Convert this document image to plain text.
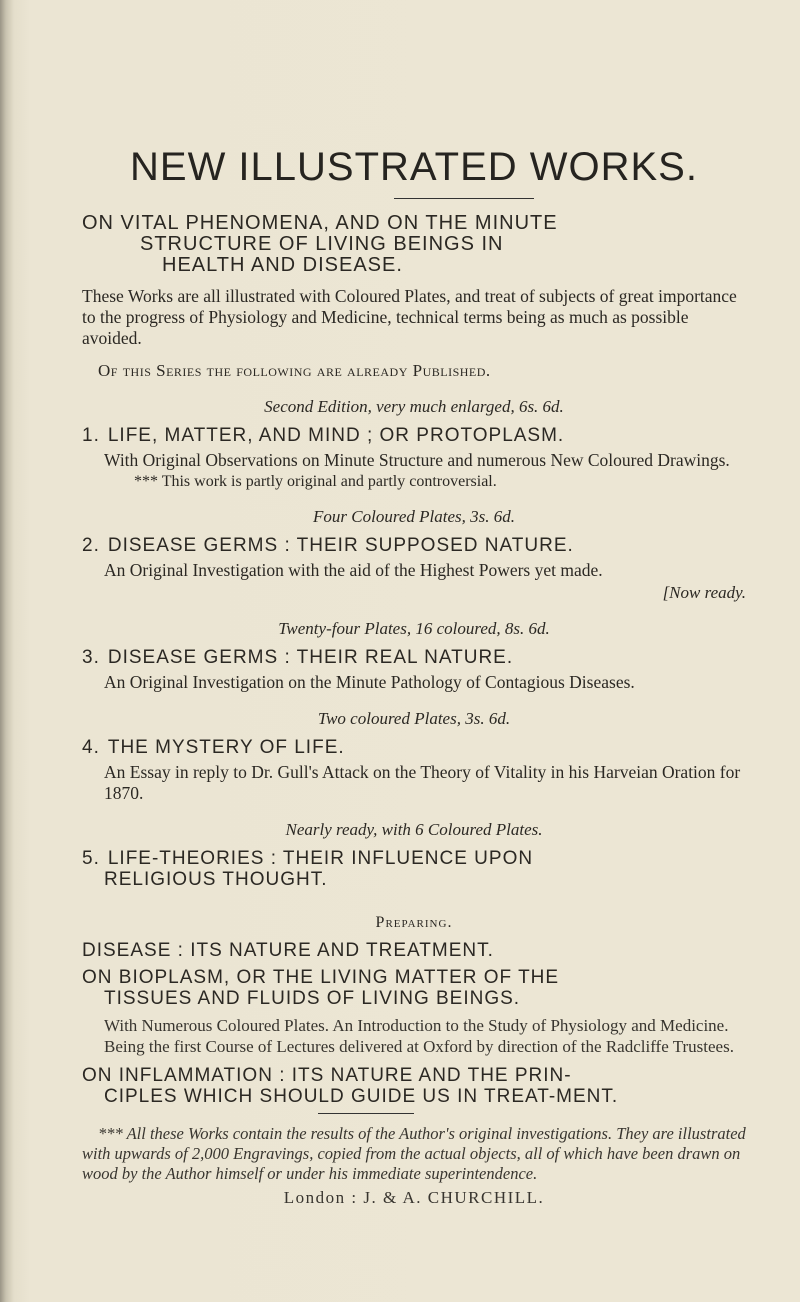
NEW ILLUSTRATED WORKS.
ON VITAL PHENOMENA, AND ON THE MINUTE
STRUCTURE OF LIVING BEINGS IN
HEALTH AND DISEASE.

These Works are all illustrated with Coloured Plates, and treat of subjects of great importance to the progress of Physiology and Medicine, technical terms being as much as possible avoided.

Of this Series the following are already Published.

Second Edition, very much enlarged, 6s. 6d.
1. LIFE, MATTER, AND MIND ; OR PROTOPLASM.

With Original Observations on Minute Structure and numerous New Coloured Drawings.

*** This work is partly original and partly controversial.

Four Coloured Plates, 3s. 6d.
2. DISEASE GERMS : THEIR SUPPOSED NATURE.

An Original Investigation with the aid of the Highest Powers yet made.

[Now ready.

Twenty-four Plates, 16 coloured, 8s. 6d.
3. DISEASE GERMS : THEIR REAL NATURE.

An Original Investigation on the Minute Pathology of Contagious Diseases.

Two coloured Plates, 3s. 6d.
4. THE MYSTERY OF LIFE.

An Essay in reply to Dr. Gull's Attack on the Theory of Vitality in his Harveian Oration for 1870.

Nearly ready, with 6 Coloured Plates.
5. LIFE-THEORIES : THEIR INFLUENCE UPON
RELIGIOUS THOUGHT.
Preparing.
DISEASE : ITS NATURE AND TREATMENT.
ON BIOPLASM, OR THE LIVING MATTER OF THE
TISSUES AND FLUIDS OF LIVING BEINGS.

With Numerous Coloured Plates. An Introduction to the Study of Physiology and Medicine. Being the first Course of Lectures delivered at Oxford by direction of the Radcliffe Trustees.

ON INFLAMMATION : ITS NATURE AND THE PRIN-
CIPLES WHICH SHOULD GUIDE US IN TREAT-MENT.

*** All these Works contain the results of the Author's original investigations. They are illustrated with upwards of 2,000 Engravings, copied from the actual objects, all of which have been drawn on wood by the Author himself or under his immediate superintendence.

London : J. & A. CHURCHILL.
